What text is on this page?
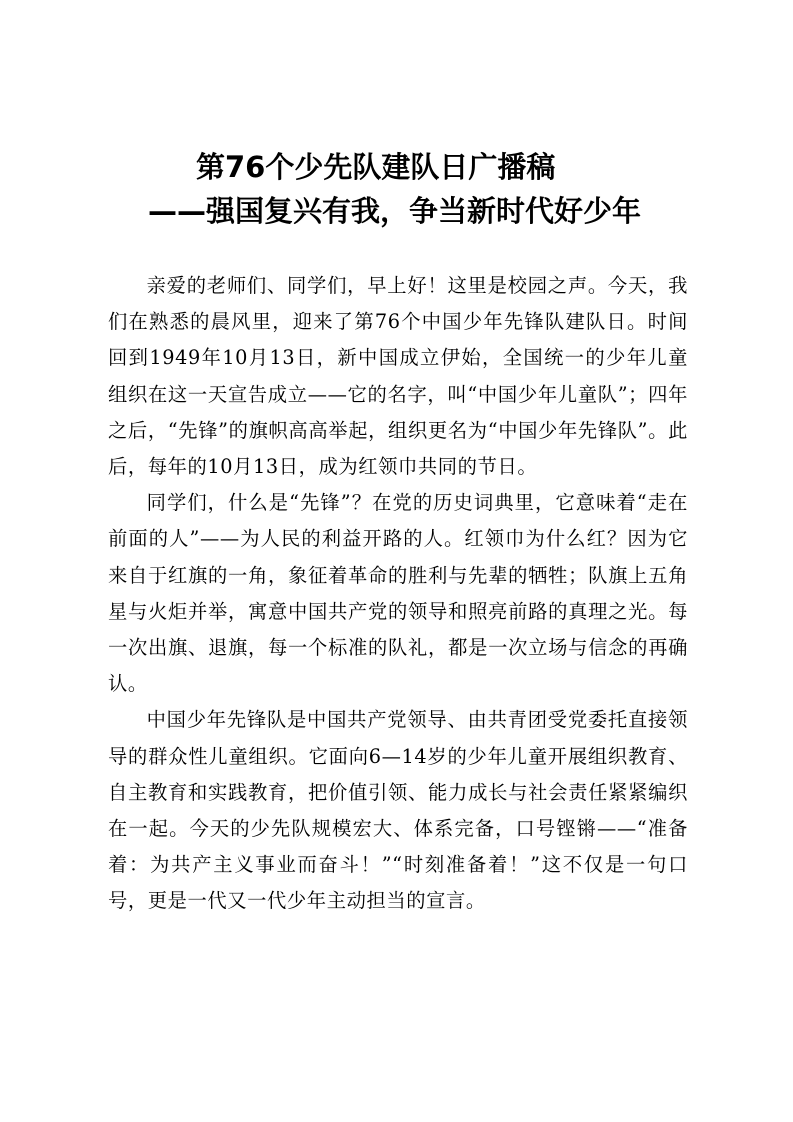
第76个少先队建队日广播稿
——强国复兴有我，争当新时代好少年

亲爱的老师们、同学们，早上好！这里是校园之声。今天，我们在熟悉的晨风里，迎来了第76个中国少年先锋队建队日。时间回到1949年10月13日，新中国成立伊始，全国统一的少年儿童组织在这一天宣告成立——它的名字，叫“中国少年儿童队”；四年之后，“先锋”的旗帜高高举起，组织更名为“中国少年先锋队”。此后，每年的10月13日，成为红领巾共同的节日。

同学们，什么是“先锋”？在党的历史词典里，它意味着“走在前面的人”——为人民的利益开路的人。红领巾为什么红？因为它来自于红旗的一角，象征着革命的胜利与先辈的牺牲；队旗上五角星与火炬并举，寓意中国共产党的领导和照亮前路的真理之光。每一次出旗、退旗，每一个标准的队礼，都是一次立场与信念的再确认。

中国少年先锋队是中国共产党领导、由共青团受党委托直接领导的群众性儿童组织。它面向6—14岁的少年儿童开展组织教育、自主教育和实践教育，把价值引领、能力成长与社会责任紧紧编织在一起。今天的少先队规模宏大、体系完备，口号铿锵——“准备着：为共产主义事业而奋斗！”“时刻准备着！”这不仅是一句口号，更是一代又一代少年主动担当的宣言。
